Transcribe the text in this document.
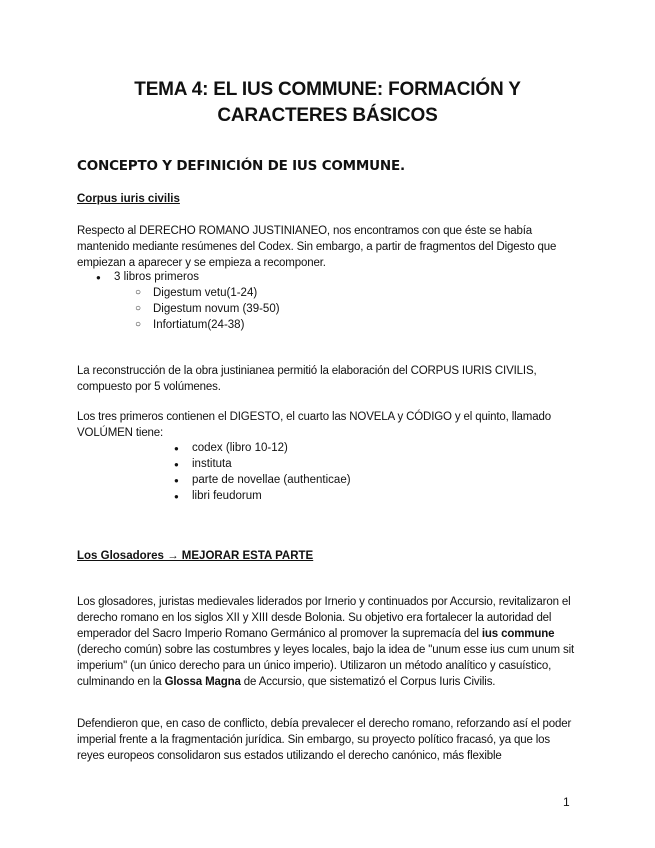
TEMA 4: EL IUS COMMUNE: FORMACIÓN Y
CARACTERES BÁSICOS
CONCEPTO Y DEFINICIÓN DE IUS COMMUNE.
Corpus iuris civilis
Respecto al DERECHO ROMANO JUSTINIANEO, nos encontramos con que éste se había mantenido mediante resúmenes del Codex. Sin embargo, a partir de fragmentos del Digesto que empiezan a aparecer y se empieza a recomponer.
● 3 libros primeros
○ Digestum vetu(1-24)
○ Digestum novum (39-50)
○ Infortiatum(24-38)
La reconstrucción de la obra justinianea permitió la elaboración del CORPUS IURIS CIVILIS, compuesto por 5 volúmenes.
Los tres primeros contienen el DIGESTO, el cuarto las NOVELA y CÓDIGO y el quinto, llamado VOLÚMEN tiene:
● codex (libro 10-12)
● instituta
● parte de novellae (authenticae)
● libri feudorum
Los Glosadores → MEJORAR ESTA PARTE
Los glosadores, juristas medievales liderados por Irnerio y continuados por Accursio, revitalizaron el derecho romano en los siglos XII y XIII desde Bolonia. Su objetivo era fortalecer la autoridad del emperador del Sacro Imperio Romano Germánico al promover la supremacía del ius commune (derecho común) sobre las costumbres y leyes locales, bajo la idea de "unum esse ius cum unum sit imperium" (un único derecho para un único imperio). Utilizaron un método analítico y casuístico, culminando en la Glossa Magna de Accursio, que sistematizó el Corpus Iuris Civilis.
Defendieron que, en caso de conflicto, debía prevalecer el derecho romano, reforzando así el poder imperial frente a la fragmentación jurídica. Sin embargo, su proyecto político fracasó, ya que los reyes europeos consolidaron sus estados utilizando el derecho canónico, más flexible
1
